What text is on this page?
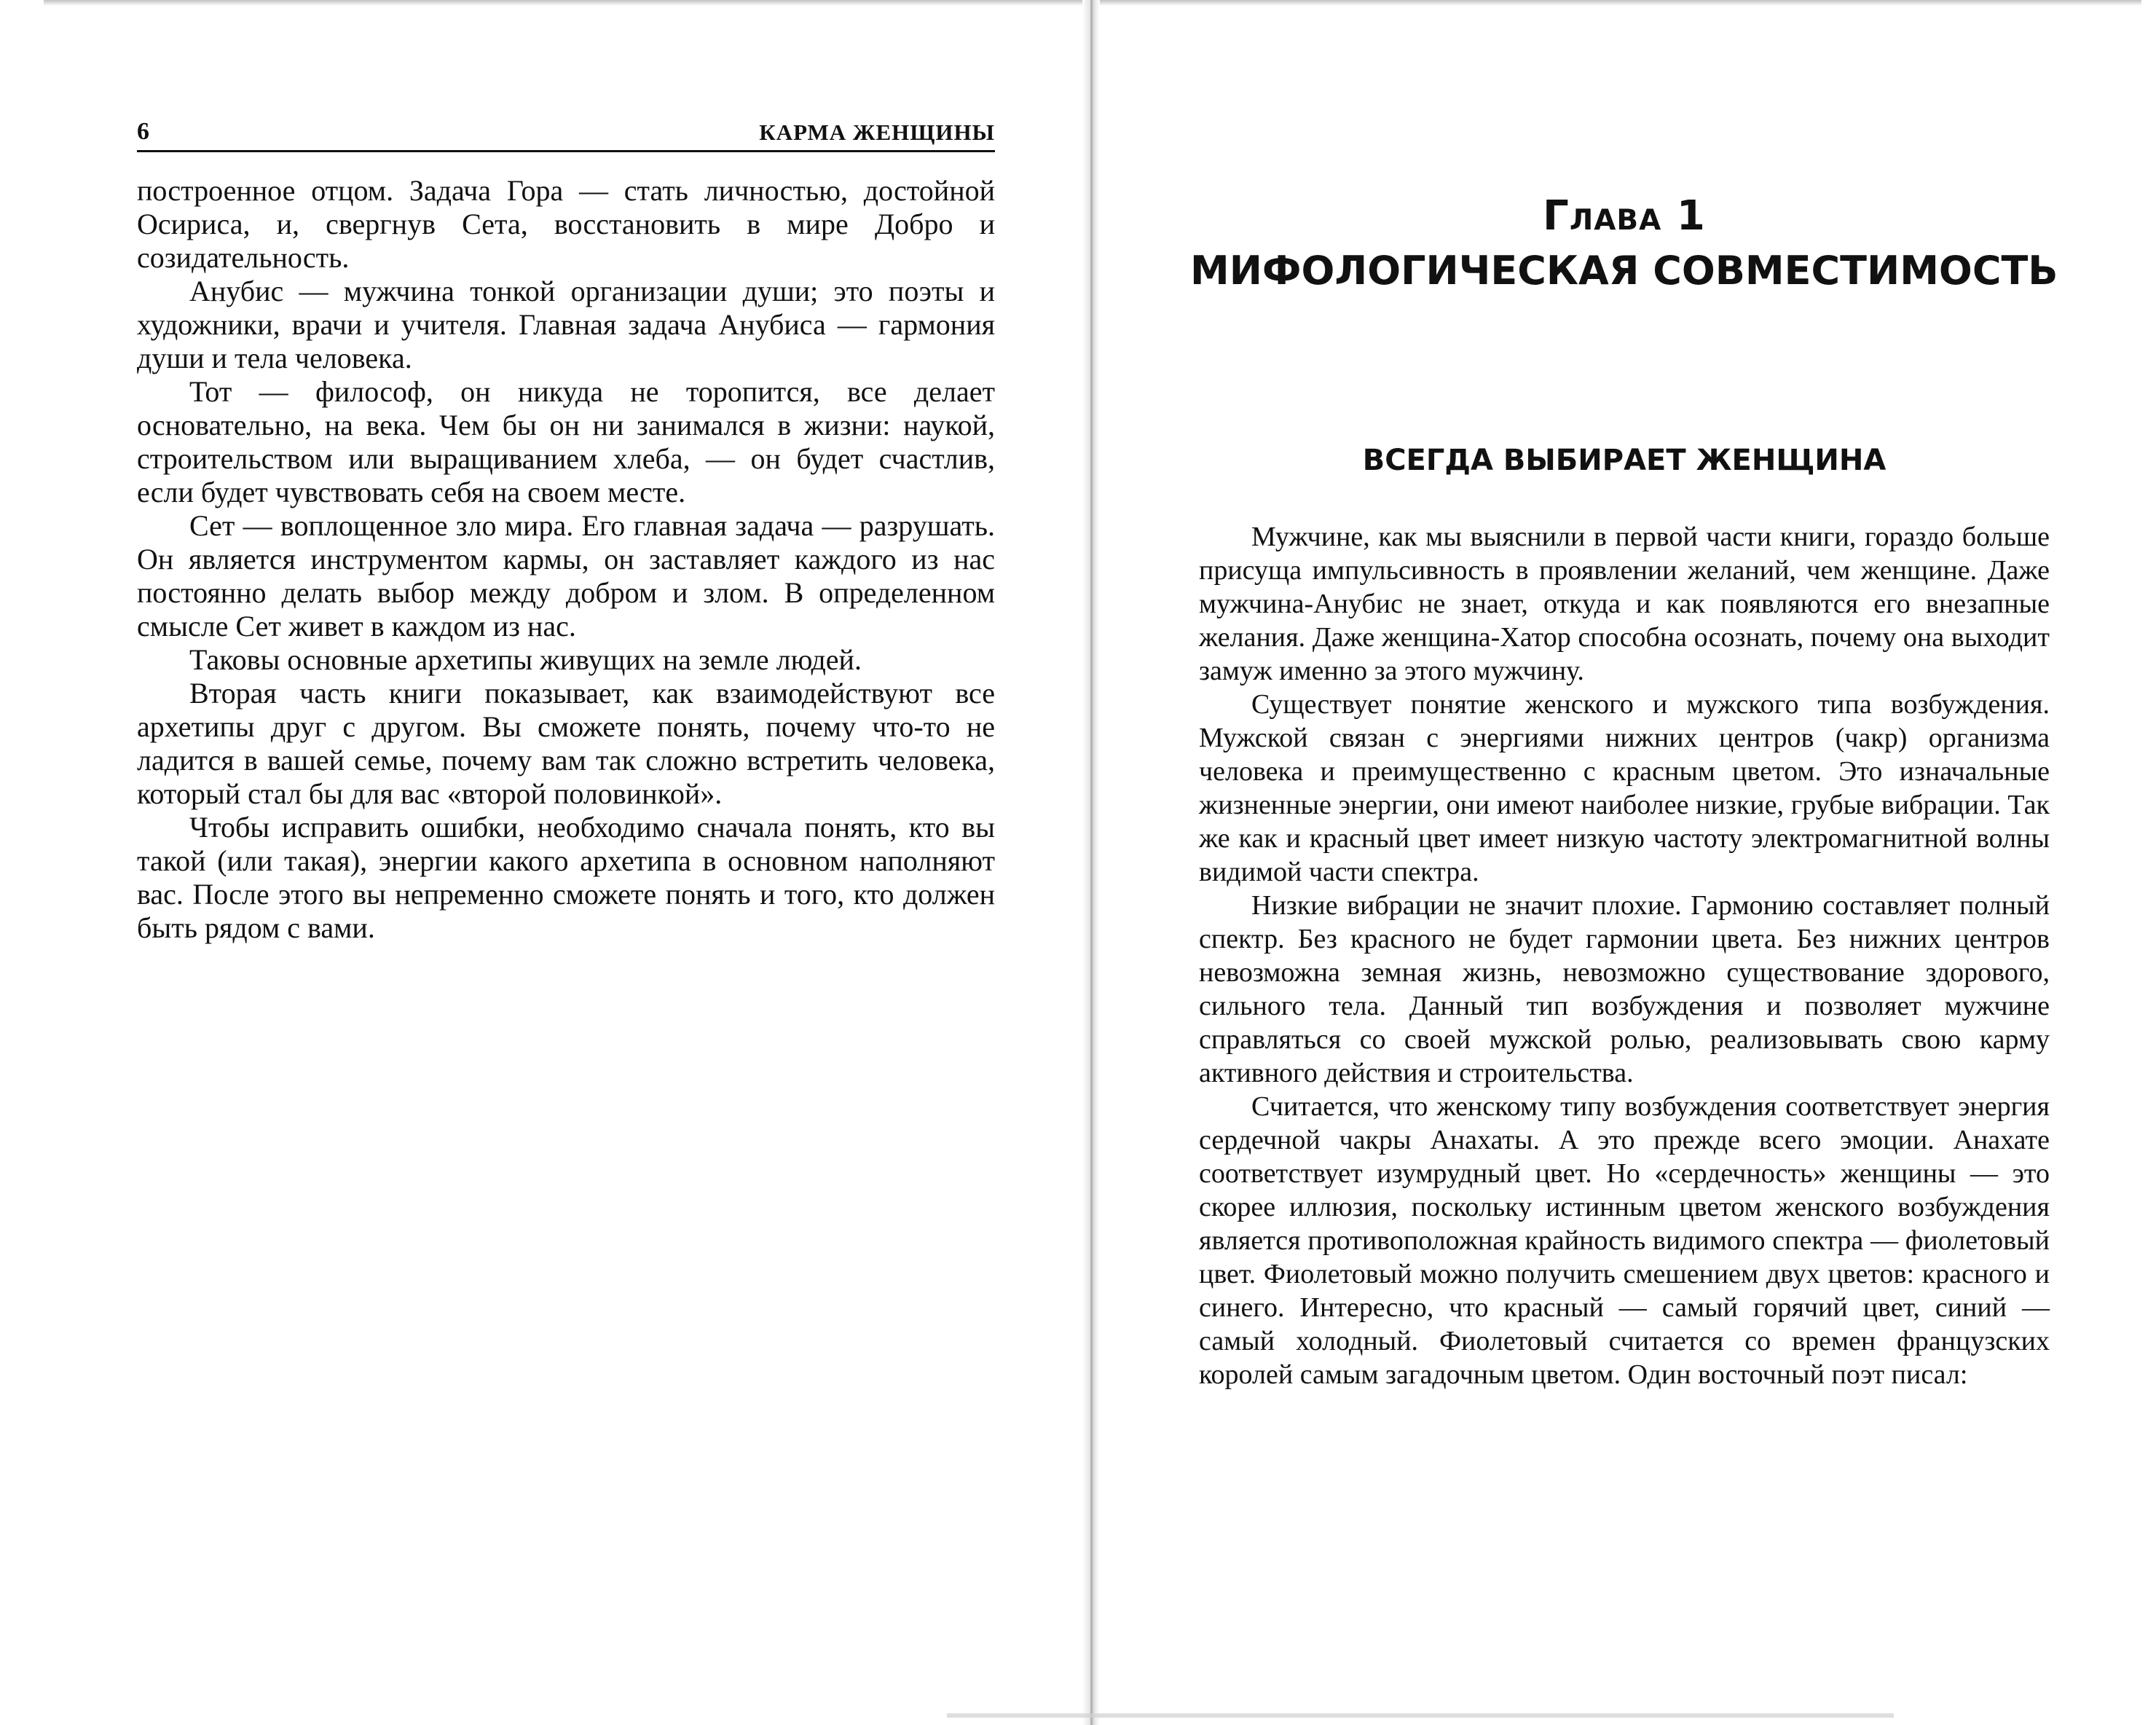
6	КАРМА ЖЕНЩИНЫ

построенное отцом. Задача Гора — стать личностью, достойной Осириса, и, свергнув Сета, восстановить в мире Добро и созидательность.

Анубис — мужчина тонкой организации души; это поэты и художники, врачи и учителя. Главная задача Анубиса — гармония души и тела человека.

Тот — философ, он никуда не торопится, все делает основательно, на века. Чем бы он ни занимался в жизни: наукой, строительством или выращиванием хлеба, — он будет счастлив, если будет чувствовать себя на своем месте.

Сет — воплощенное зло мира. Его главная задача — разрушать. Он является инструментом кармы, он заставляет каждого из нас постоянно делать выбор между добром и злом. В определенном смысле Сет живет в каждом из нас.

Таковы основные архетипы живущих на земле людей.

Вторая часть книги показывает, как взаимодействуют все архетипы друг с другом. Вы сможете понять, почему что-то не ладится в вашей семье, почему вам так сложно встретить человека, который стал бы для вас «второй половинкой».

Чтобы исправить ошибки, необходимо сначала понять, кто вы такой (или такая), энергии какого архетипа в основном наполняют вас. После этого вы непременно сможете понять и того, кто должен быть рядом с вами.

Глава 1
МИФОЛОГИЧЕСКАЯ СОВМЕСТИМОСТЬ
ВСЕГДА ВЫБИРАЕТ ЖЕНЩИНА

Мужчине, как мы выяснили в первой части книги, гораздо больше присуща импульсивность в проявлении желаний, чем женщине. Даже мужчина-Анубис не знает, откуда и как появляются его внезапные желания. Даже женщина-Хатор способна осознать, почему она выходит замуж именно за этого мужчину.

Существует понятие женского и мужского типа возбуждения. Мужской связан с энергиями нижних центров (чакр) организма человека и преимущественно с красным цветом. Это изначальные жизненные энергии, они имеют наиболее низкие, грубые вибрации. Так же как и красный цвет имеет низкую частоту электромагнитной волны видимой части спектра.

Низкие вибрации не значит плохие. Гармонию составляет полный спектр. Без красного не будет гармонии цвета. Без нижних центров невозможна земная жизнь, невозможно существование здорового, сильного тела. Данный тип возбуждения и позволяет мужчине справляться со своей мужской ролью, реализовывать свою карму активного действия и строительства.

Считается, что женскому типу возбуждения соответствует энергия сердечной чакры Анахаты. А это прежде всего эмоции. Анахате соответствует изумрудный цвет. Но «сердечность» женщины — это скорее иллюзия, поскольку истинным цветом женского возбуждения является противоположная крайность видимого спектра — фиолетовый цвет. Фиолетовый можно получить смешением двух цветов: красного и синего. Интересно, что красный — самый горячий цвет, синий — самый холодный. Фиолетовый считается со времен французских королей самым загадочным цветом. Один восточный поэт писал:
